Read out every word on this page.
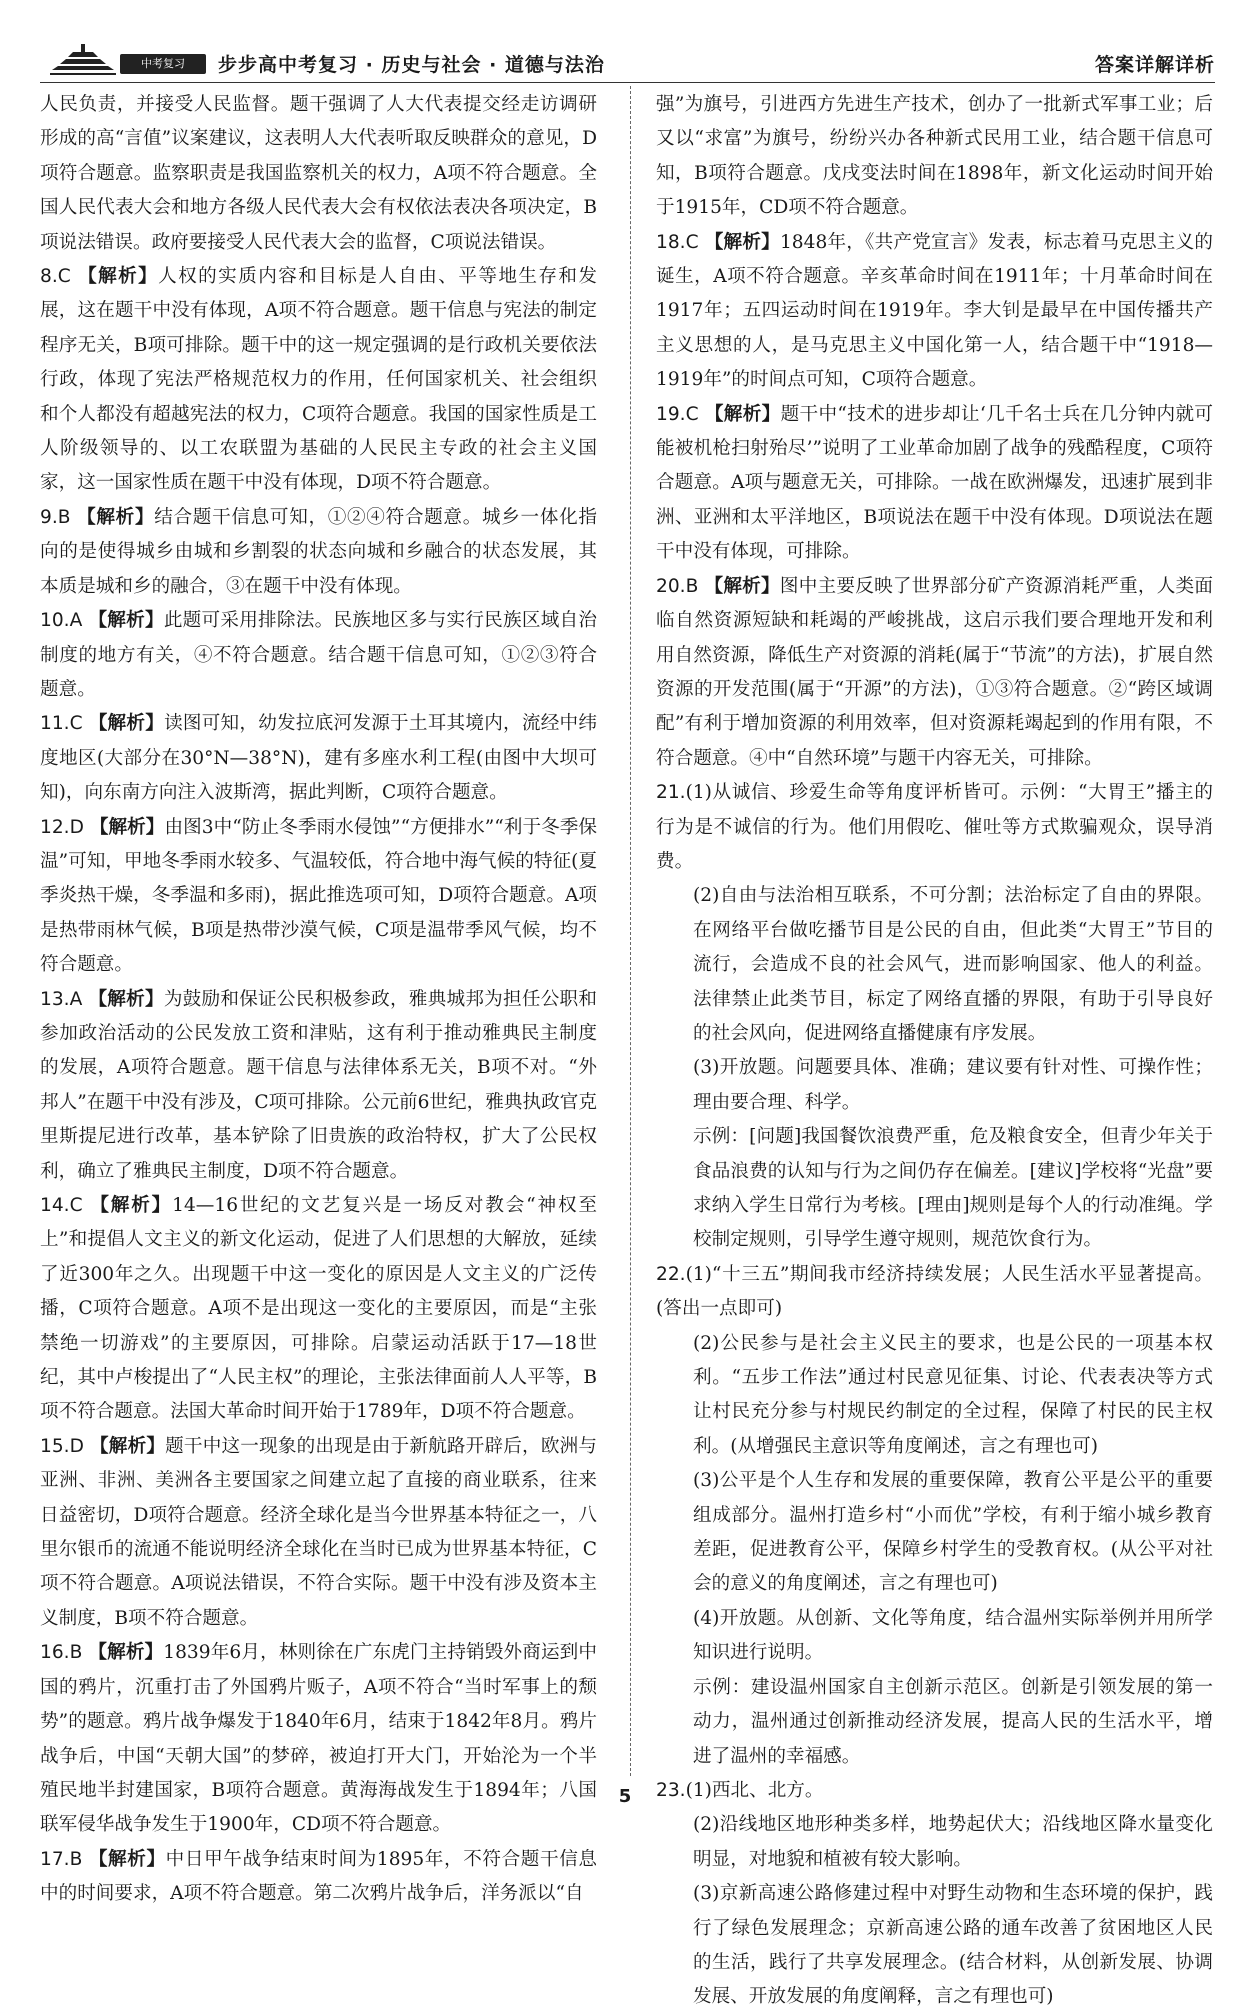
中考复习	步步高中考复习 · 历史与社会 · 道德与法治	答案详解详析

人民负责，并接受人民监督。题干强调了人大代表提交经走访调研形成的高“言值”议案建议，这表明人大代表听取反映群众的意见，D项符合题意。监察职责是我国监察机关的权力，A项不符合题意。全国人民代表大会和地方各级人民代表大会有权依法表决各项决定，B项说法错误。政府要接受人民代表大会的监督，C项说法错误。

8.C 【解析】人权的实质内容和目标是人自由、平等地生存和发展，这在题干中没有体现，A项不符合题意。题干信息与宪法的制定程序无关，B项可排除。题干中的这一规定强调的是行政机关要依法行政，体现了宪法严格规范权力的作用，任何国家机关、社会组织和个人都没有超越宪法的权力，C项符合题意。我国的国家性质是工人阶级领导的、以工农联盟为基础的人民民主专政的社会主义国家，这一国家性质在题干中没有体现，D项不符合题意。

9.B 【解析】结合题干信息可知，①②④符合题意。城乡一体化指向的是使得城乡由城和乡割裂的状态向城和乡融合的状态发展，其本质是城和乡的融合，③在题干中没有体现。

10.A 【解析】此题可采用排除法。民族地区多与实行民族区域自治制度的地方有关，④不符合题意。结合题干信息可知，①②③符合题意。

11.C 【解析】读图可知，幼发拉底河发源于土耳其境内，流经中纬度地区(大部分在30°N—38°N)，建有多座水利工程(由图中大坝可知)，向东南方向注入波斯湾，据此判断，C项符合题意。

12.D 【解析】由图3中“防止冬季雨水侵蚀”“方便排水”“利于冬季保温”可知，甲地冬季雨水较多、气温较低，符合地中海气候的特征(夏季炎热干燥，冬季温和多雨)，据此推选项可知，D项符合题意。A项是热带雨林气候，B项是热带沙漠气候，C项是温带季风气候，均不符合题意。

13.A 【解析】为鼓励和保证公民积极参政，雅典城邦为担任公职和参加政治活动的公民发放工资和津贴，这有利于推动雅典民主制度的发展，A项符合题意。题干信息与法律体系无关，B项不对。“外邦人”在题干中没有涉及，C项可排除。公元前6世纪，雅典执政官克里斯提尼进行改革，基本铲除了旧贵族的政治特权，扩大了公民权利，确立了雅典民主制度，D项不符合题意。

14.C 【解析】14—16世纪的文艺复兴是一场反对教会“神权至上”和提倡人文主义的新文化运动，促进了人们思想的大解放，延续了近300年之久。出现题干中这一变化的原因是人文主义的广泛传播，C项符合题意。A项不是出现这一变化的主要原因，而是“主张禁绝一切游戏”的主要原因，可排除。启蒙运动活跃于17—18世纪，其中卢梭提出了“人民主权”的理论，主张法律面前人人平等，B项不符合题意。法国大革命时间开始于1789年，D项不符合题意。

15.D 【解析】题干中这一现象的出现是由于新航路开辟后，欧洲与亚洲、非洲、美洲各主要国家之间建立起了直接的商业联系，往来日益密切，D项符合题意。经济全球化是当今世界基本特征之一，八里尔银币的流通不能说明经济全球化在当时已成为世界基本特征，C项不符合题意。A项说法错误，不符合实际。题干中没有涉及资本主义制度，B项不符合题意。

16.B 【解析】1839年6月，林则徐在广东虎门主持销毁外商运到中国的鸦片，沉重打击了外国鸦片贩子，A项不符合“当时军事上的颓势”的题意。鸦片战争爆发于1840年6月，结束于1842年8月。鸦片战争后，中国“天朝大国”的梦碎，被迫打开大门，开始沦为一个半殖民地半封建国家，B项符合题意。黄海海战发生于1894年；八国联军侵华战争发生于1900年，CD项不符合题意。

17.B 【解析】中日甲午战争结束时间为1895年，不符合题干信息中的时间要求，A项不符合题意。第二次鸦片战争后，洋务派以“自

强”为旗号，引进西方先进生产技术，创办了一批新式军事工业；后又以“求富”为旗号，纷纷兴办各种新式民用工业，结合题干信息可知，B项符合题意。戊戌变法时间在1898年，新文化运动时间开始于1915年，CD项不符合题意。

18.C 【解析】1848年，《共产党宣言》发表，标志着马克思主义的诞生，A项不符合题意。辛亥革命时间在1911年；十月革命时间在1917年；五四运动时间在1919年。李大钊是最早在中国传播共产主义思想的人，是马克思主义中国化第一人，结合题干中“1918—1919年”的时间点可知，C项符合题意。

19.C 【解析】题干中“技术的进步却让‘几千名士兵在几分钟内就可能被机枪扫射殆尽’”说明了工业革命加剧了战争的残酷程度，C项符合题意。A项与题意无关，可排除。一战在欧洲爆发，迅速扩展到非洲、亚洲和太平洋地区，B项说法在题干中没有体现。D项说法在题干中没有体现，可排除。

20.B 【解析】图中主要反映了世界部分矿产资源消耗严重，人类面临自然资源短缺和耗竭的严峻挑战，这启示我们要合理地开发和利用自然资源，降低生产对资源的消耗(属于“节流”的方法)，扩展自然资源的开发范围(属于“开源”的方法)，①③符合题意。②“跨区域调配”有利于增加资源的利用效率，但对资源耗竭起到的作用有限，不符合题意。④中“自然环境”与题干内容无关，可排除。

21.(1)从诚信、珍爱生命等角度评析皆可。示例：“大胃王”播主的行为是不诚信的行为。他们用假吃、催吐等方式欺骗观众，误导消费。

(2)自由与法治相互联系，不可分割；法治标定了自由的界限。在网络平台做吃播节目是公民的自由，但此类“大胃王”节目的流行，会造成不良的社会风气，进而影响国家、他人的利益。法律禁止此类节目，标定了网络直播的界限，有助于引导良好的社会风向，促进网络直播健康有序发展。

(3)开放题。问题要具体、准确；建议要有针对性、可操作性；理由要合理、科学。

示例：[问题]我国餐饮浪费严重，危及粮食安全，但青少年关于食品浪费的认知与行为之间仍存在偏差。[建议]学校将“光盘”要求纳入学生日常行为考核。[理由]规则是每个人的行动准绳。学校制定规则，引导学生遵守规则，规范饮食行为。

22.(1)“十三五”期间我市经济持续发展；人民生活水平显著提高。(答出一点即可)

(2)公民参与是社会主义民主的要求，也是公民的一项基本权利。“五步工作法”通过村民意见征集、讨论、代表表决等方式让村民充分参与村规民约制定的全过程，保障了村民的民主权利。(从增强民主意识等角度阐述，言之有理也可)

(3)公平是个人生存和发展的重要保障，教育公平是公平的重要组成部分。温州打造乡村“小而优”学校，有利于缩小城乡教育差距，促进教育公平，保障乡村学生的受教育权。(从公平对社会的意义的角度阐述，言之有理也可)

(4)开放题。从创新、文化等角度，结合温州实际举例并用所学知识进行说明。

示例：建设温州国家自主创新示范区。创新是引领发展的第一动力，温州通过创新推动经济发展，提高人民的生活水平，增进了温州的幸福感。

23.(1)西北、北方。

(2)沿线地区地形种类多样，地势起伏大；沿线地区降水量变化明显，对地貌和植被有较大影响。

(3)京新高速公路修建过程中对野生动物和生态环境的保护，践行了绿色发展理念；京新高速公路的通车改善了贫困地区人民的生活，践行了共享发展理念。(结合材料，从创新发展、协调发展、开放发展的角度阐释，言之有理也可)

5
